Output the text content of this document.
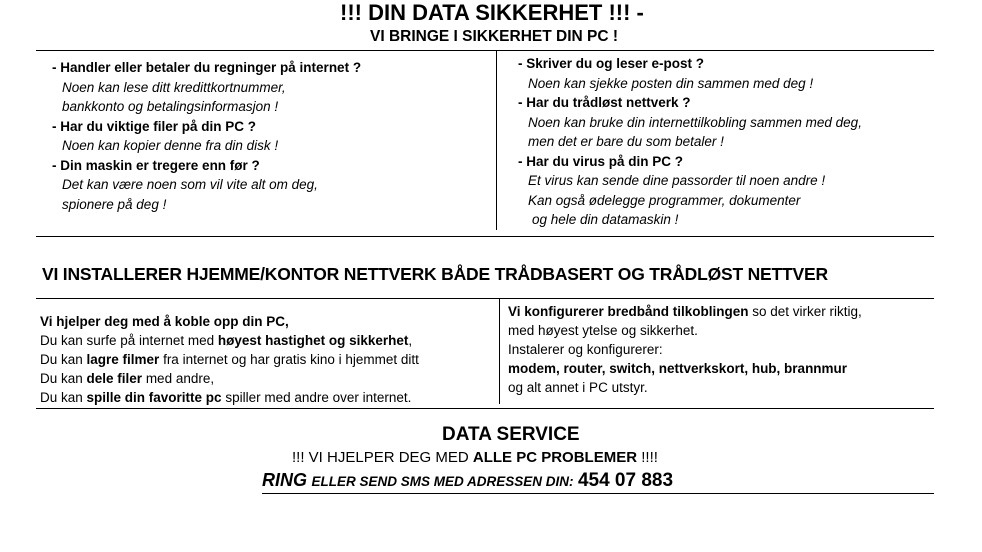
!!! DIN DATA SIKKERHET !!! -
VI BRINGE I SIKKERHET DIN PC !
- Handler eller betaler du regninger på internet ?
Noen kan lese ditt kredittkortnummer,
bankkonto og betalingsinformasjon !
- Har du viktige filer på din PC ?
Noen kan kopier denne fra din disk !
- Din maskin er tregere enn før ?
Det kan være noen som vil vite alt om deg,
spionere på deg !
- Skriver du og leser e-post ?
Noen kan sjekke posten din sammen med deg !
- Har du trådløst nettverk ?
Noen kan bruke din internettilkobling sammen med deg,
men det er bare du som betaler !
- Har du virus på din PC ?
Et virus kan sende dine passorder til noen andre !
Kan også ødelegge programmer, dokumenter
og hele din datamaskin !
VI INSTALLERER HJEMME/KONTOR NETTVERK BÅDE TRÅDBASERT OG TRÅDLØST NETTVER
Vi hjelper deg med å koble opp din PC,
Du kan surfe på internet med høyest hastighet og sikkerhet,
Du kan lagre filmer fra internet og har gratis kino i hjemmet ditt
Du kan dele filer med andre,
Du kan spille din favoritte pc spiller med andre over internet.
Vi konfigurerer bredbånd tilkoblingen so det virker riktig,
med høyest ytelse og sikkerhet.
Instalerer og konfigurerer:
modem, router, switch, nettverkskort, hub, brannmur
og alt annet i PC utstyr.
DATA SERVICE
!!! VI HJELPER DEG MED ALLE PC PROBLEMER !!!!
RING ELLER SEND SMS MED ADRESSEN DIN: 454 07 883
